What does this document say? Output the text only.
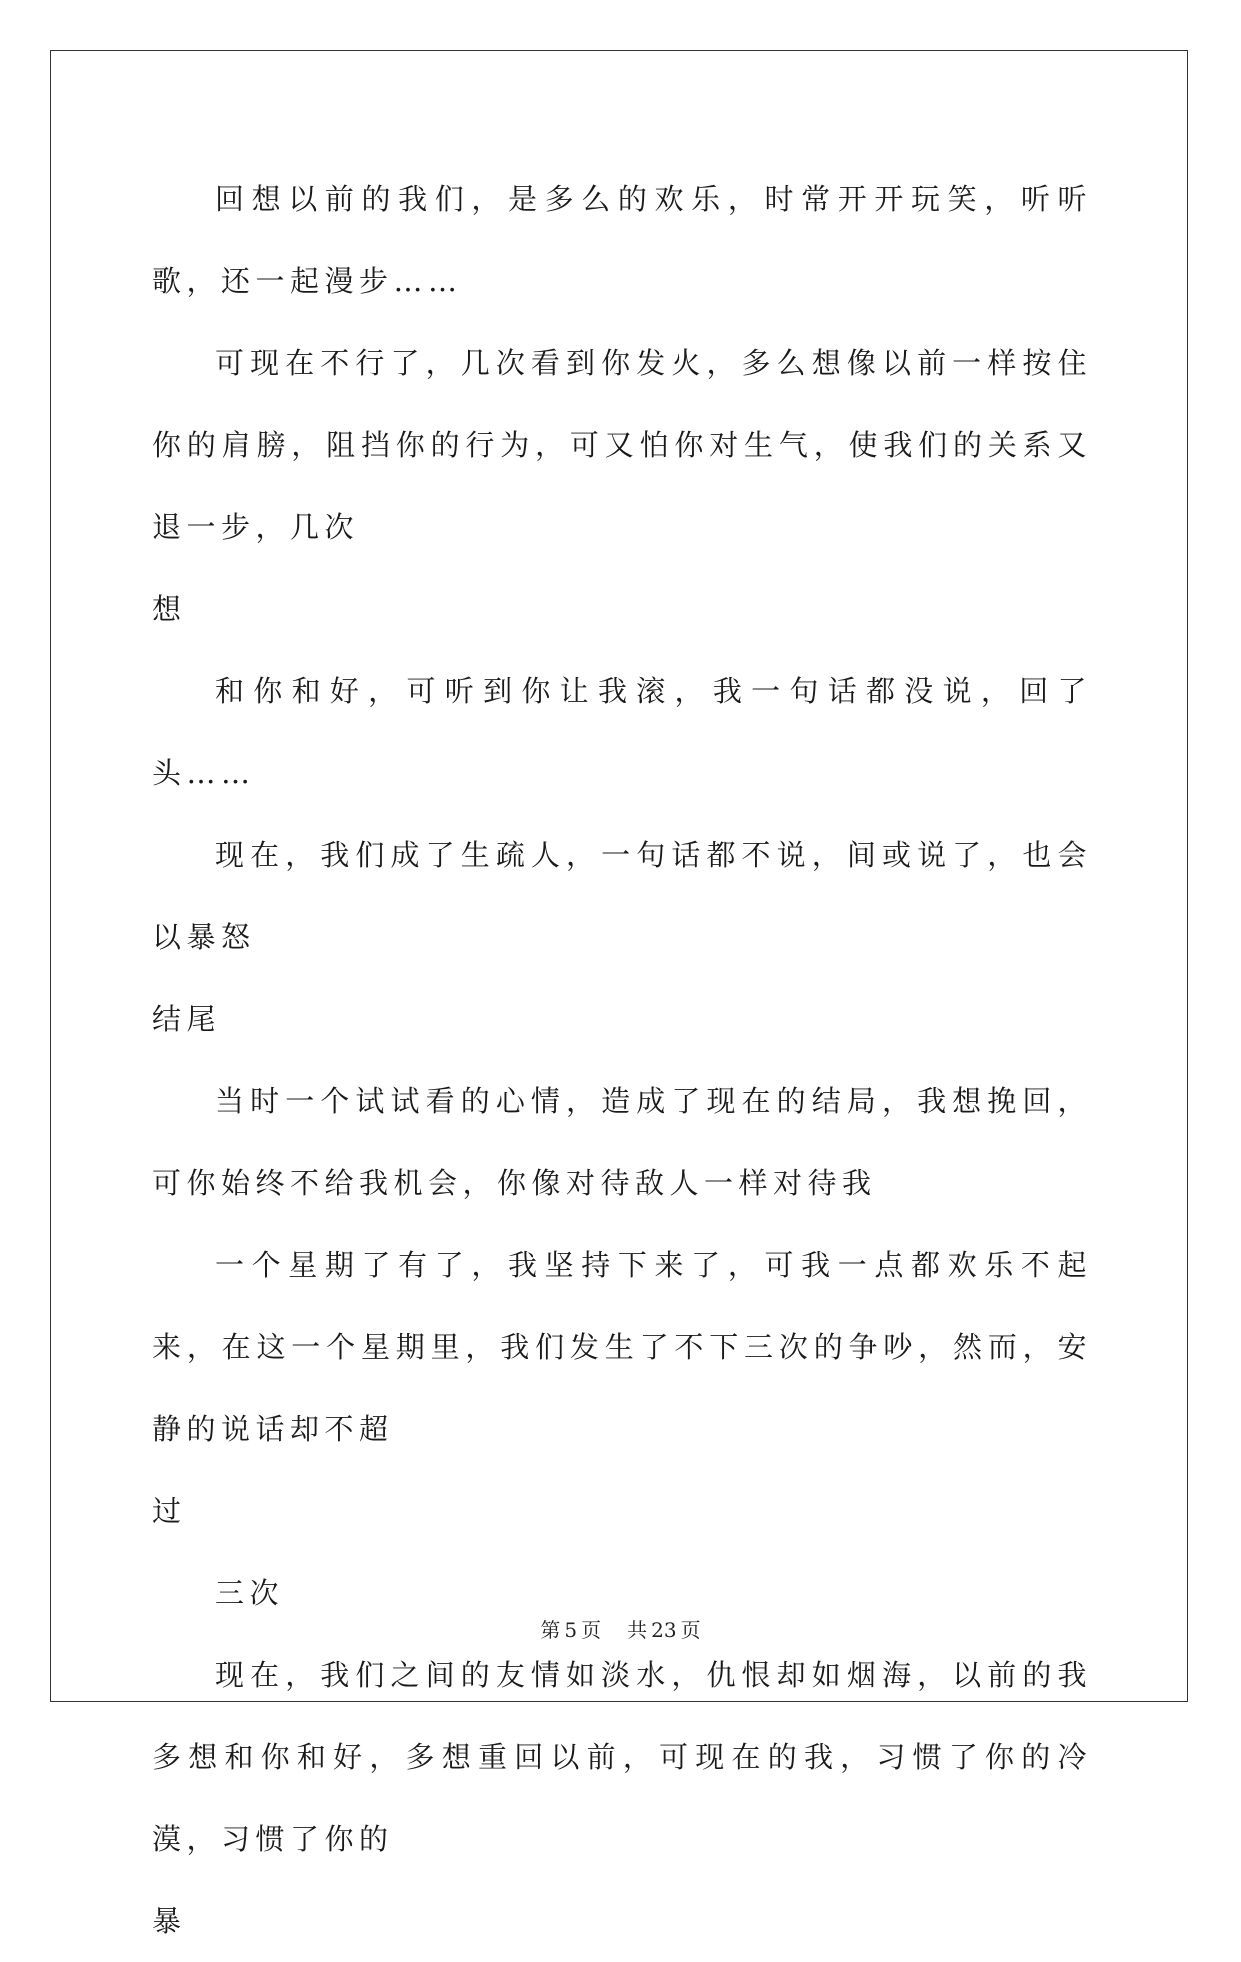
回想以前的我们，是多么的欢乐，时常开开玩笑，听听歌，还一起漫步……

可现在不行了，几次看到你发火，多么想像以前一样按住你的肩膀，阻挡你的行为，可又怕你对生气，使我们的关系又退一步，几次
想

和你和好，可听到你让我滚，我一句话都没说，回了头……

现在，我们成了生疏人，一句话都不说，间或说了，也会以暴怒
结尾

当时一个试试看的心情，造成了现在的结局，我想挽回，可你始终不给我机会，你像对待敌人一样对待我

一个星期了有了，我坚持下来了，可我一点都欢乐不起来，在这一个星期里，我们发生了不下三次的争吵，然而，安静的说话却不超
过

三次

现在，我们之间的友情如淡水，仇恨却如烟海，以前的我多想和你和好，多想重回以前，可现在的我，习惯了你的冷漠，习惯了你的
暴

第 5 页 共 23 页
